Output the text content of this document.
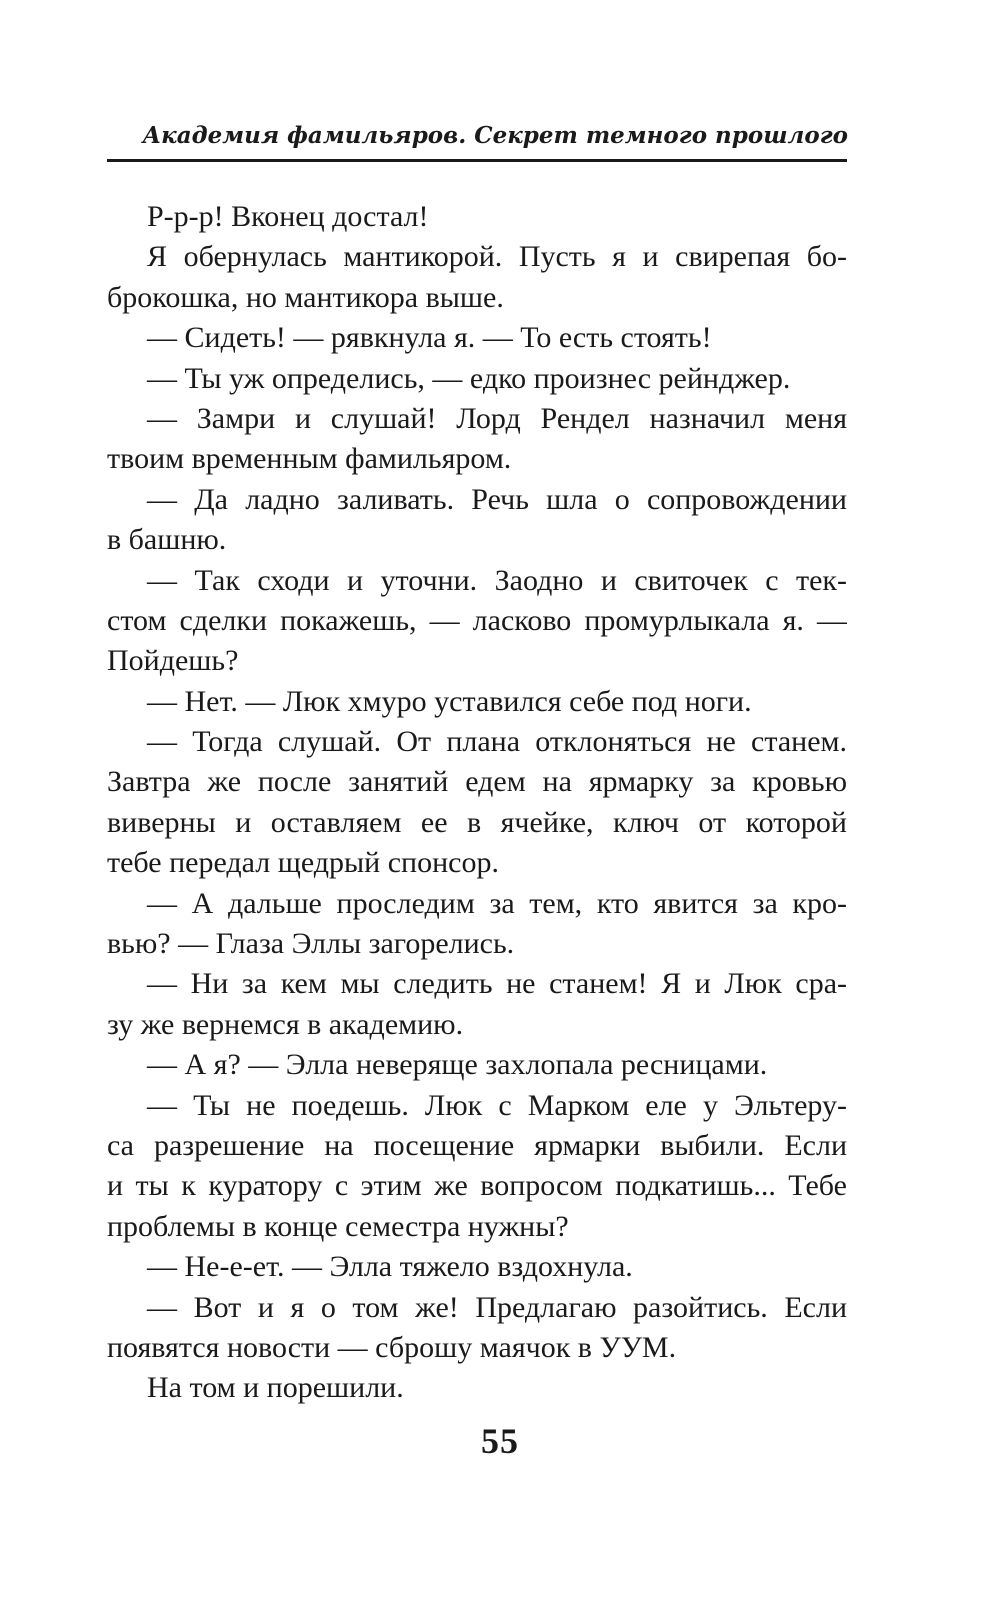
Академия фамильяров. Секрет темного прошлого
Р-р-р! Вконец достал!
Я обернулась мантикорой. Пусть я и свирепая бо-
брокошка, но мантикора выше.
— Сидеть! — рявкнула я. — То есть стоять!
— Ты уж определись, — едко произнес рейнджер.
— Замри и слушай! Лорд Рендел назначил меня
твоим временным фамильяром.
— Да ладно заливать. Речь шла о сопровождении
в башню.
— Так сходи и уточни. Заодно и свиточек с тек-
стом сделки покажешь, — ласково промурлыкала я. —
Пойдешь?
— Нет. — Люк хмуро уставился себе под ноги.
— Тогда слушай. От плана отклоняться не станем.
Завтра же после занятий едем на ярмарку за кровью
виверны и оставляем ее в ячейке, ключ от которой
тебе передал щедрый спонсор.
— А дальше проследим за тем, кто явится за кро-
вью? — Глаза Эллы загорелись.
— Ни за кем мы следить не станем! Я и Люк сра-
зу же вернемся в академию.
— А я? — Элла неверяще захлопала ресницами.
— Ты не поедешь. Люк с Марком еле у Эльтеру-
са разрешение на посещение ярмарки выбили. Если
и ты к куратору с этим же вопросом подкатишь... Тебе
проблемы в конце семестра нужны?
— Не-е-ет. — Элла тяжело вздохнула.
— Вот и я о том же! Предлагаю разойтись. Если
появятся новости — сброшу маячок в УУМ.
На том и порешили.
55
